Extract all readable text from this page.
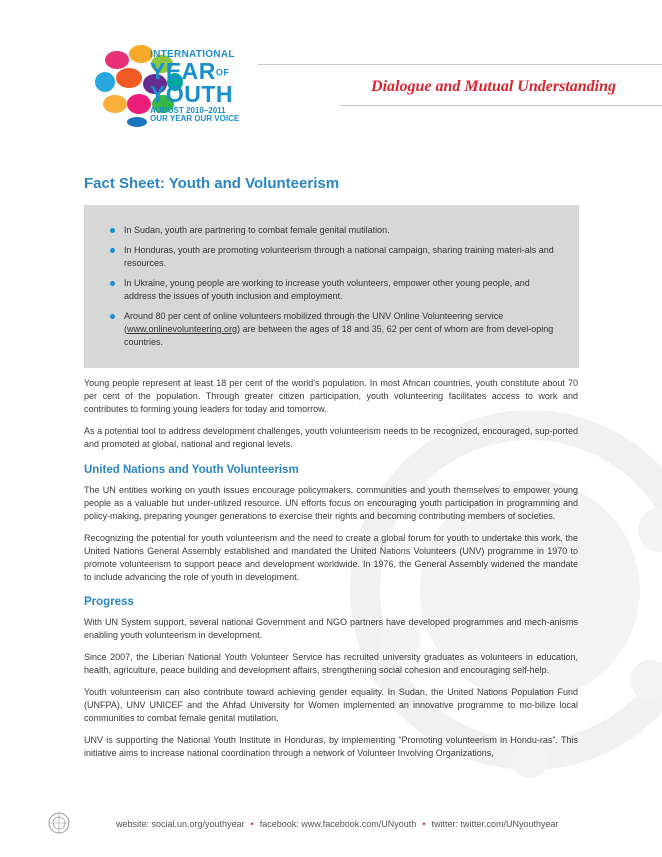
INTERNATIONAL
YEAROF
YOUTH
AUGUST 2010–2011
OUR YEAR OUR VOICE
Dialogue and Mutual Understanding
Fact Sheet: Youth and Volunteerism
In Sudan, youth are partnering to combat female genital mutilation.
In Honduras, youth are promoting volunteerism through a national campaign, sharing training materi-als and resources.
In Ukraine, young people are working to increase youth volunteers, empower other young people, and address the issues of youth inclusion and employment.
Around 80 per cent of online volunteers mobilized through the UNV Online Volunteering service (www.onlinevolunteering.org) are between the ages of 18 and 35, 62 per cent of whom are from devel-oping countries.

Young people represent at least 18 per cent of the world’s population. In most African countries, youth constitute about 70 per cent of the population. Through greater citizen participation, youth volunteering facilitates access to work and contributes to forming young leaders for today and tomorrow.

As a potential tool to address development challenges, youth volunteerism needs to be recognized, encouraged, sup-ported and promoted at global, national and regional levels.

United Nations and Youth Volunteerism

The UN entities working on youth issues encourage policymakers, communities and youth themselves to empower young people as a valuable but under-utilized resource. UN efforts focus on encouraging youth participation in programming and policy-making, preparing younger generations to exercise their rights and becoming contributing members of societies.

Recognizing the potential for youth volunteerism and the need to create a global forum for youth to undertake this work, the United Nations General Assembly established and mandated the United Nations Volunteers (UNV) programme in 1970 to promote volunteerism to support peace and development worldwide. In 1976, the General Assembly widened the mandate to include advancing the role of youth in development.

Progress

With UN System support, several national Government and NGO partners have developed programmes and mech-anisms enabling youth volunteerism in development.

Since 2007, the Liberian National Youth Volunteer Service has recruited university graduates as volunteers in education, health, agriculture, peace building and development affairs, strengthening social cohesion and encouraging self-help.

Youth volunteerism can also contribute toward achieving gender equality. In Sudan, the United Nations Population Fund (UNFPA), UNV UNICEF and the Ahfad University for Women implemented an innovative programme to mo-bilize local communities to combat female genital mutilation.

UNV is supporting the National Youth Institute in Honduras, by implementing “Promoting volunteerism in Hondu-ras”. This initiative aims to increase national coordination through a network of Volunteer Involving Organizations,

website: social.un.org/youthyear • facebook: www.facebook.com/UNyouth • twitter: twitter.com/UNyouthyear
